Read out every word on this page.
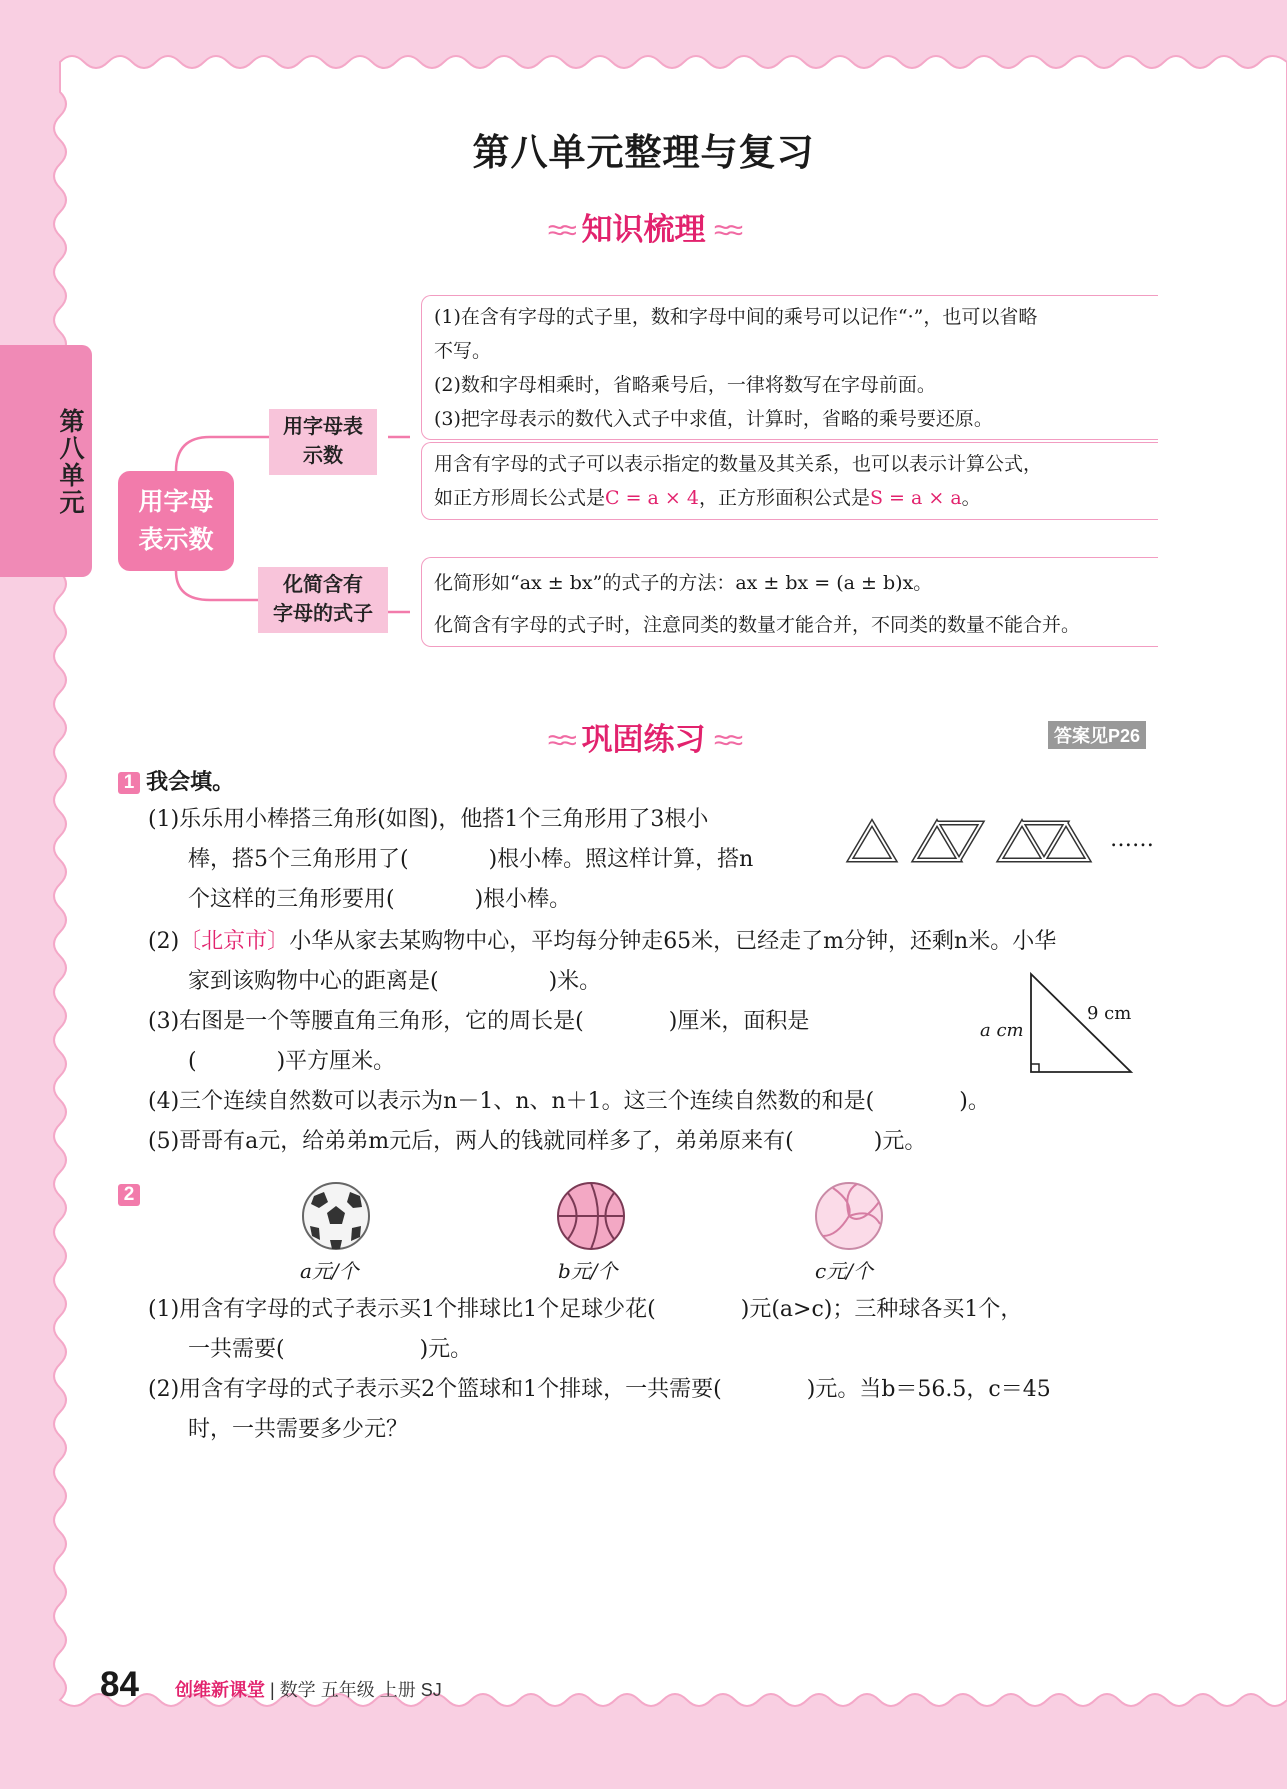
第八单元整理与复习
第八单元
≈≈ 知识梳理 ≈≈
用字母
表示数
用字母表
示数
化简含有
字母的式子
(1)在含有字母的式子里，数和字母中间的乘号可以记作“·”，也可以省略
不写。
(2)数和字母相乘时，省略乘号后，一律将数写在字母前面。
(3)把字母表示的数代入式子中求值，计算时，省略的乘号要还原。
用含有字母的式子可以表示指定的数量及其关系，也可以表示计算公式，
如正方形周长公式是C = a × 4，正方形面积公式是S = a × a。
化简形如“ax ± bx”的式子的方法：ax ± bx = (a ± b)x。
化简含有字母的式子时，注意同类的数量才能合并，不同类的数量不能合并。
≈≈ 巩固练习 ≈≈	答案见P26
1 我会填。
(1)乐乐用小棒搭三角形(如图)，他搭1个三角形用了3根小
棒，搭5个三角形用了(	)根小棒。照这样计算，搭n
个这样的三角形要用(	)根小棒。
……
(2)〔北京市〕小华从家去某购物中心，平均每分钟走65米，已经走了m分钟，还剩n米。小华
家到该购物中心的距离是(	)米。
(3)右图是一个等腰直角三角形，它的周长是(	)厘米，面积是
(	)平方厘米。
a cm
9 cm
(4)三个连续自然数可以表示为n－1、n、n＋1。这三个连续自然数的和是(	)。
(5)哥哥有a元，给弟弟m元后，两人的钱就同样多了，弟弟原来有(	)元。
2
a元/个	b元/个	c元/个
(1)用含有字母的式子表示买1个排球比1个足球少花(	)元(a>c)；三种球各买1个，
一共需要(	)元。
(2)用含有字母的式子表示买2个篮球和1个排球，一共需要(	)元。当b＝56.5，c＝45
时，一共需要多少元？
84 创维新课堂 | 数学 五年级 上册 SJ
